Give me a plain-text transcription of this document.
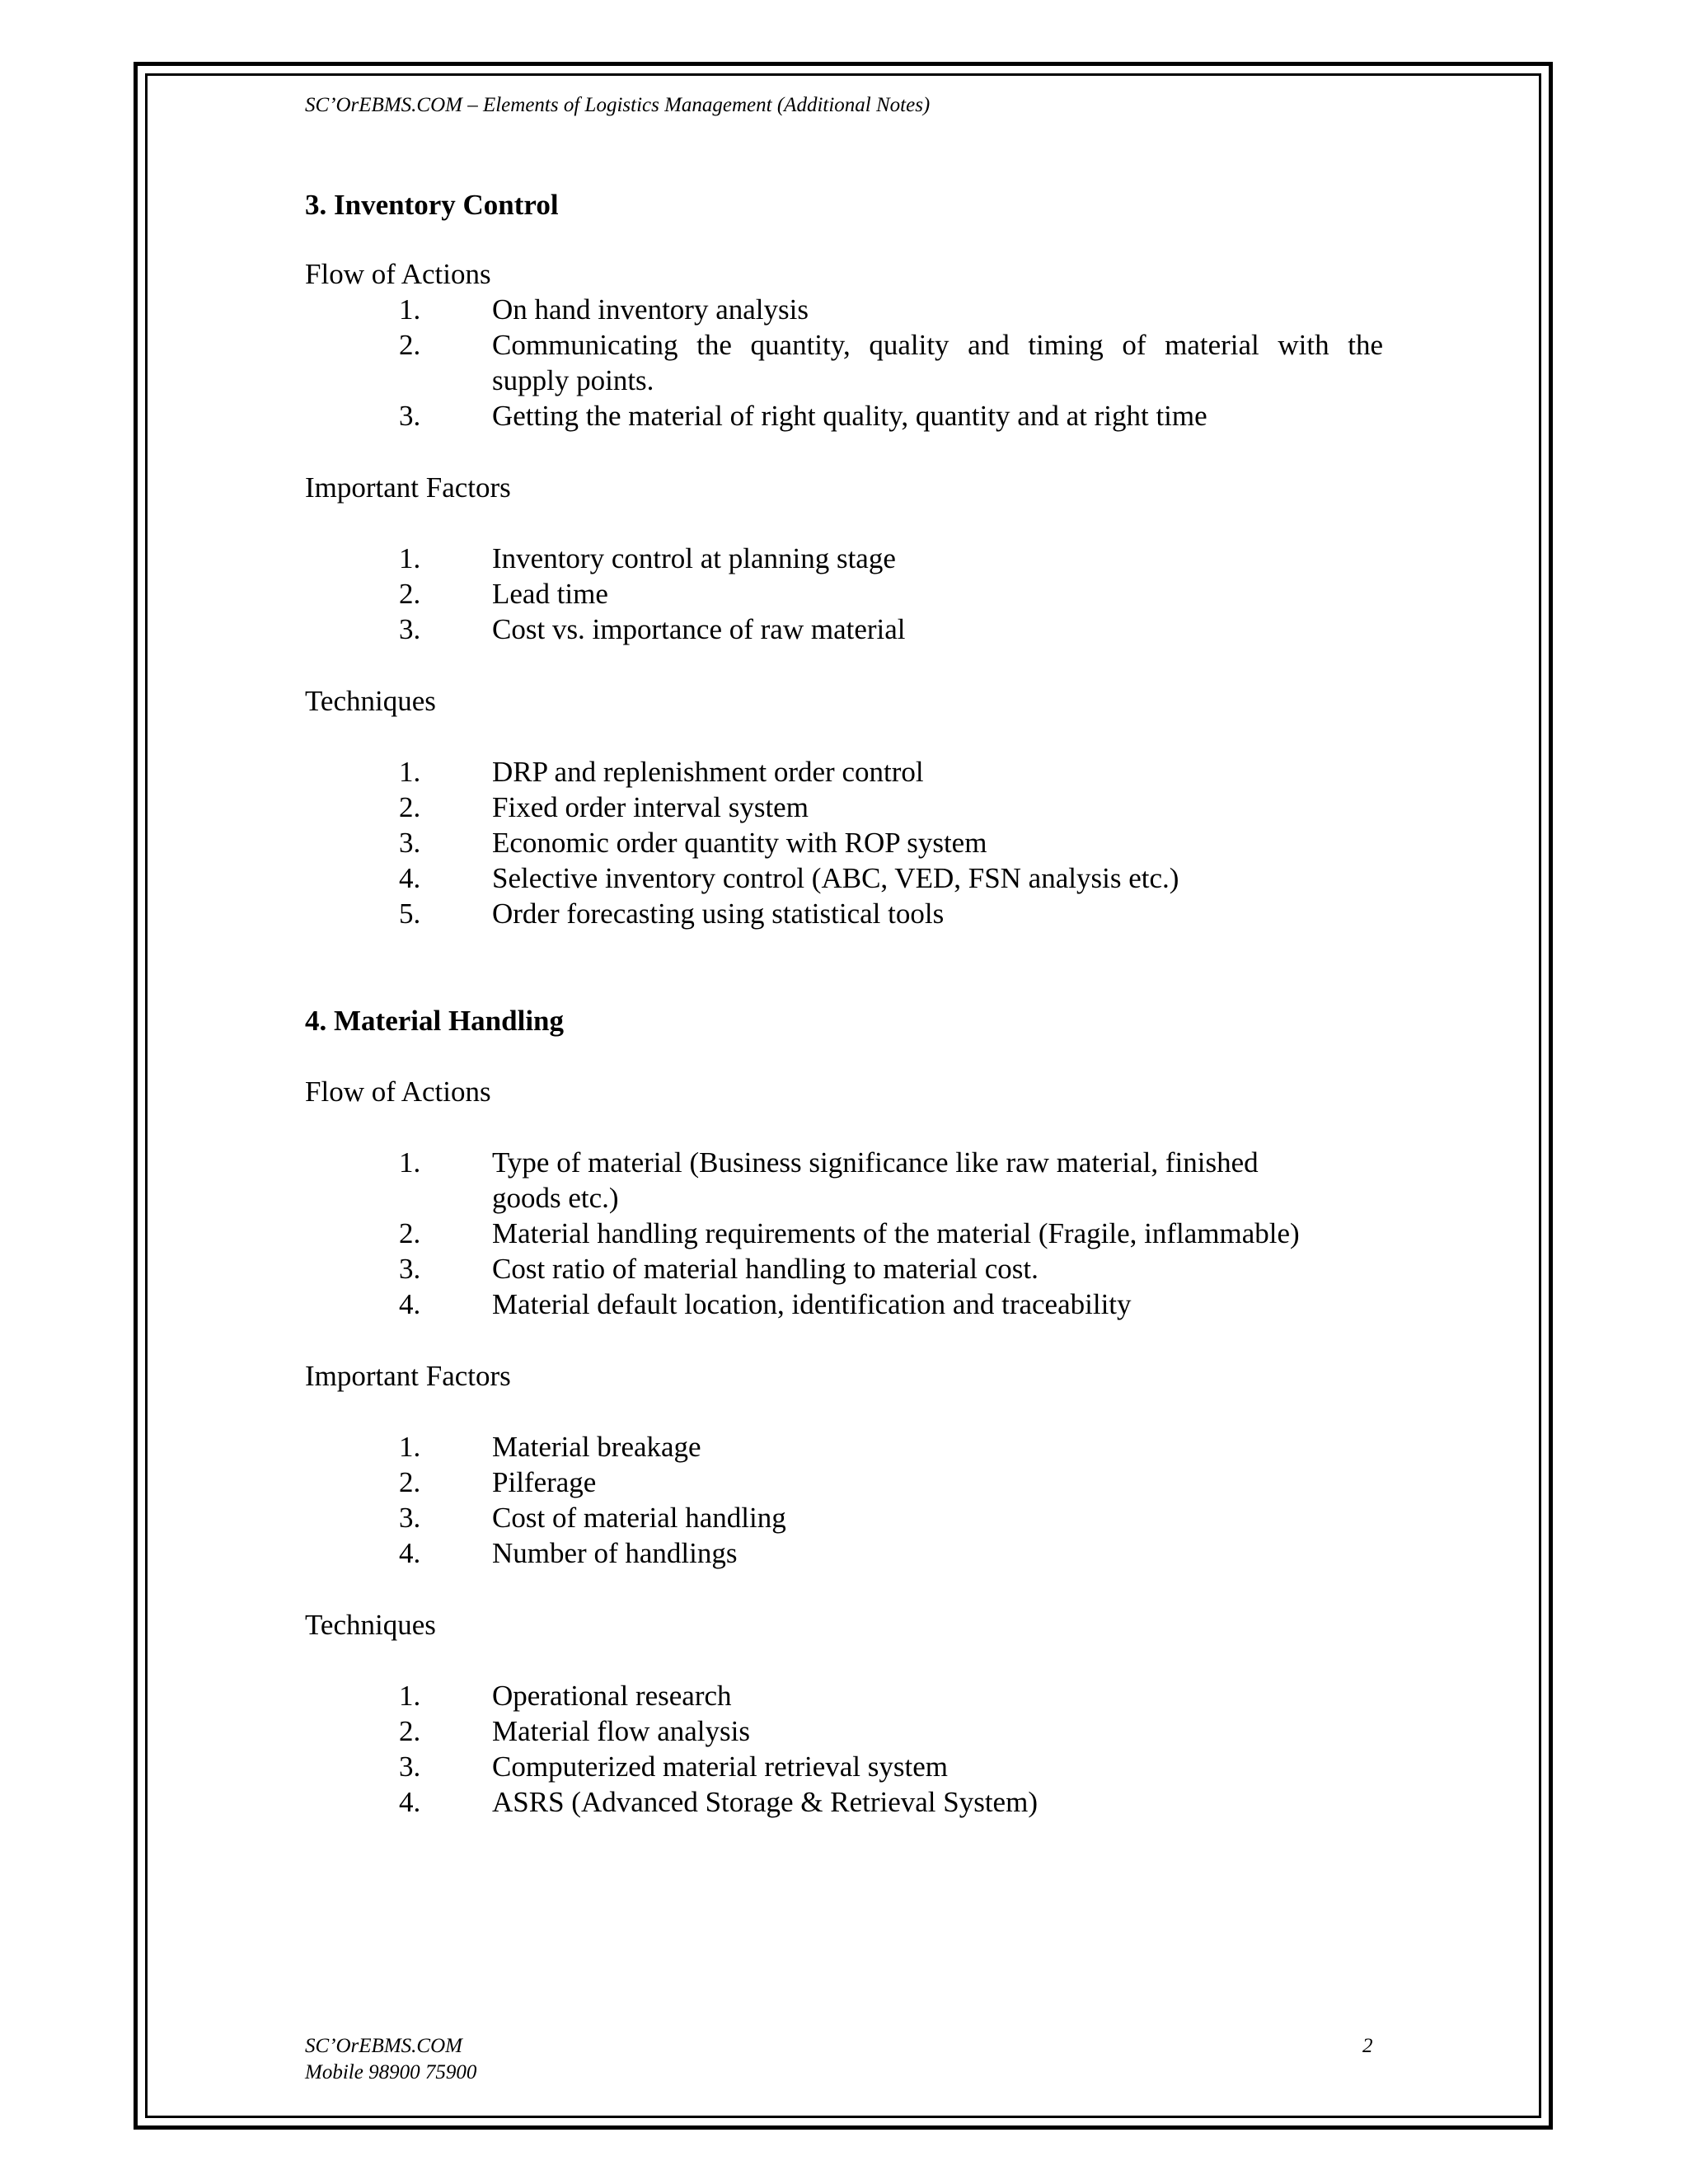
SC’OrEBMS.COM – Elements of Logistics Management (Additional Notes)
3. Inventory Control
Flow of Actions
1. On hand inventory analysis
2. Communicating the quantity, quality and timing of material with the
supply points.
3. Getting the material of right quality, quantity and at right time
Important Factors
1. Inventory control at planning stage
2. Lead time
3. Cost vs. importance of raw material
Techniques
1. DRP and replenishment order control
2. Fixed order interval system
3. Economic order quantity with ROP system
4. Selective inventory control (ABC, VED, FSN analysis etc.)
5. Order forecasting using statistical tools
4. Material Handling
Flow of Actions
1. Type of material (Business significance like raw material, finished
goods etc.)
2. Material handling requirements of the material (Fragile, inflammable)
3. Cost ratio of material handling to material cost.
4. Material default location, identification and traceability
Important Factors
1. Material breakage
2. Pilferage
3. Cost of material handling
4. Number of handlings
Techniques
1. Operational research
2. Material flow analysis
3. Computerized material retrieval system
4. ASRS (Advanced Storage & Retrieval System)
SC’OrEBMS.COM
Mobile 98900 75900
2
